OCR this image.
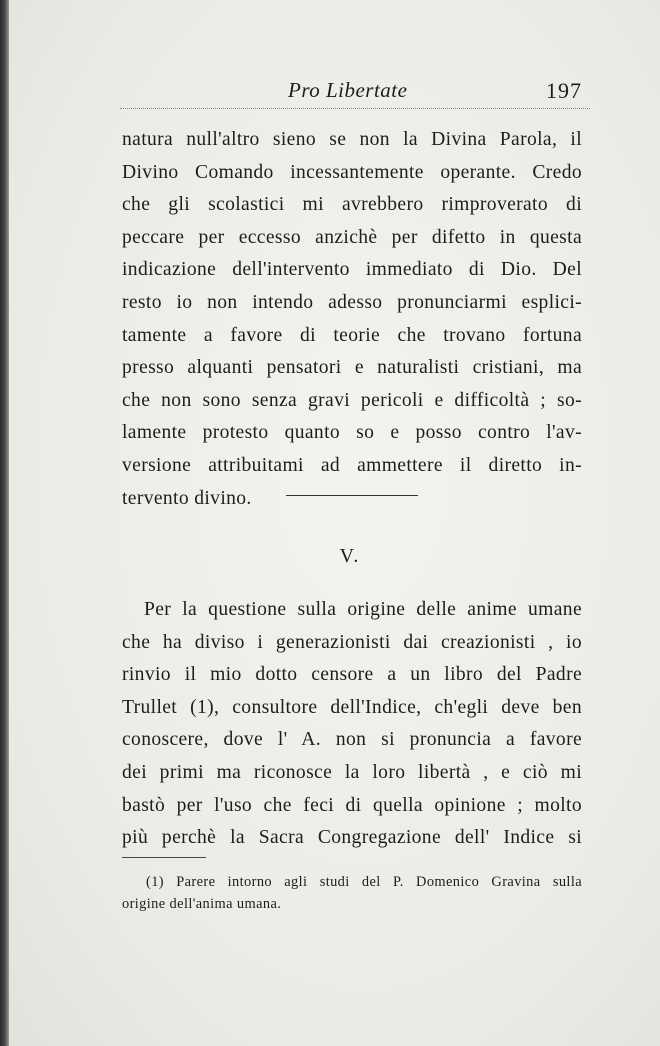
Pro Libertate	197
natura null'altro sieno se non la Divina Parola, il
Divino Comando incessantemente operante. Credo
che gli scolastici mi avrebbero rimproverato di
peccare per eccesso anzichè per difetto in questa
indicazione dell'intervento immediato di Dio. Del
resto io non intendo adesso pronunciarmi esplici-
tamente a favore di teorie che trovano fortuna
presso alquanti pensatori e naturalisti cristiani, ma
che non sono senza gravi pericoli e difficoltà ; so-
lamente protesto quanto so e posso contro l'av-
versione attribuitami ad ammettere il diretto in-
tervento divino.
V.
Per la questione sulla origine delle anime umane
che ha diviso i generazionisti dai creazionisti , io
rinvio il mio dotto censore a un libro del Padre
Trullet (1), consultore dell'Indice, ch'egli deve ben
conoscere, dove l' A. non si pronuncia a favore
dei primi ma riconosce la loro libertà , e ciò mi
bastò per l'uso che feci di quella opinione ; molto
più perchè la Sacra Congregazione dell' Indice si
(1) Parere intorno agli studi del P. Domenico Gravina sulla
origine dell'anima umana.
